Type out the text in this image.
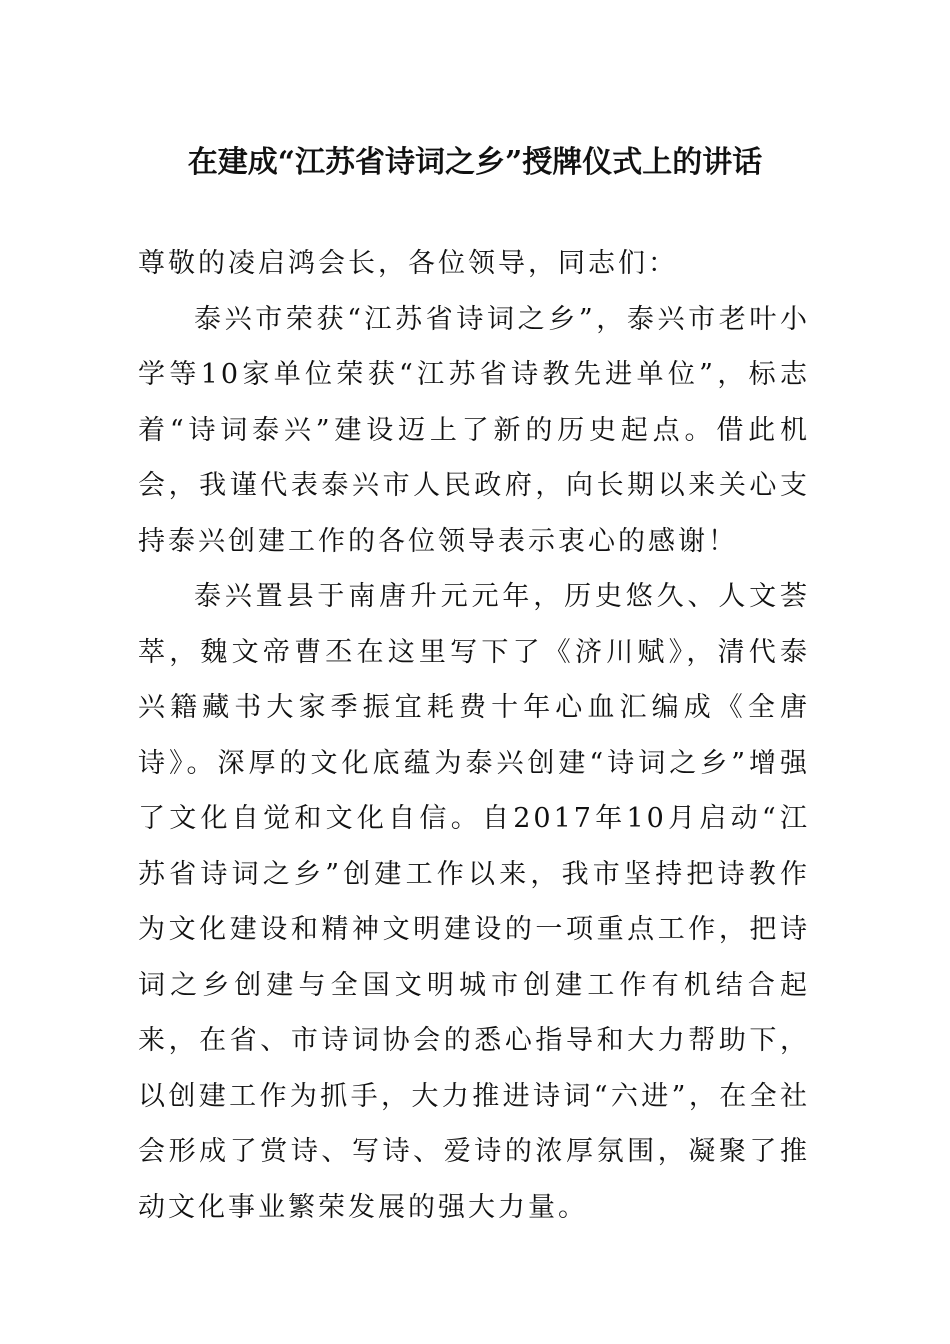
在建成“江苏省诗词之乡”授牌仪式上的讲话

尊敬的凌启鸿会长，各位领导，同志们：

泰兴市荣获“江苏省诗词之乡”，泰兴市老叶小学等10家单位荣获“江苏省诗教先进单位”，标志着“诗词泰兴”建设迈上了新的历史起点。借此机会，我谨代表泰兴市人民政府，向长期以来关心支持泰兴创建工作的各位领导表示衷心的感谢！

泰兴置县于南唐升元元年，历史悠久、人文荟萃，魏文帝曹丕在这里写下了《济川赋》，清代泰兴籍藏书大家季振宜耗费十年心血汇编成《全唐诗》。深厚的文化底蕴为泰兴创建“诗词之乡”增强了文化自觉和文化自信。自2017年10月启动“江苏省诗词之乡”创建工作以来，我市坚持把诗教作为文化建设和精神文明建设的一项重点工作，把诗词之乡创建与全国文明城市创建工作有机结合起来，在省、市诗词协会的悉心指导和大力帮助下，以创建工作为抓手，大力推进诗词“六进”，在全社会形成了赏诗、写诗、爱诗的浓厚氛围，凝聚了推动文化事业繁荣发展的强大力量。
